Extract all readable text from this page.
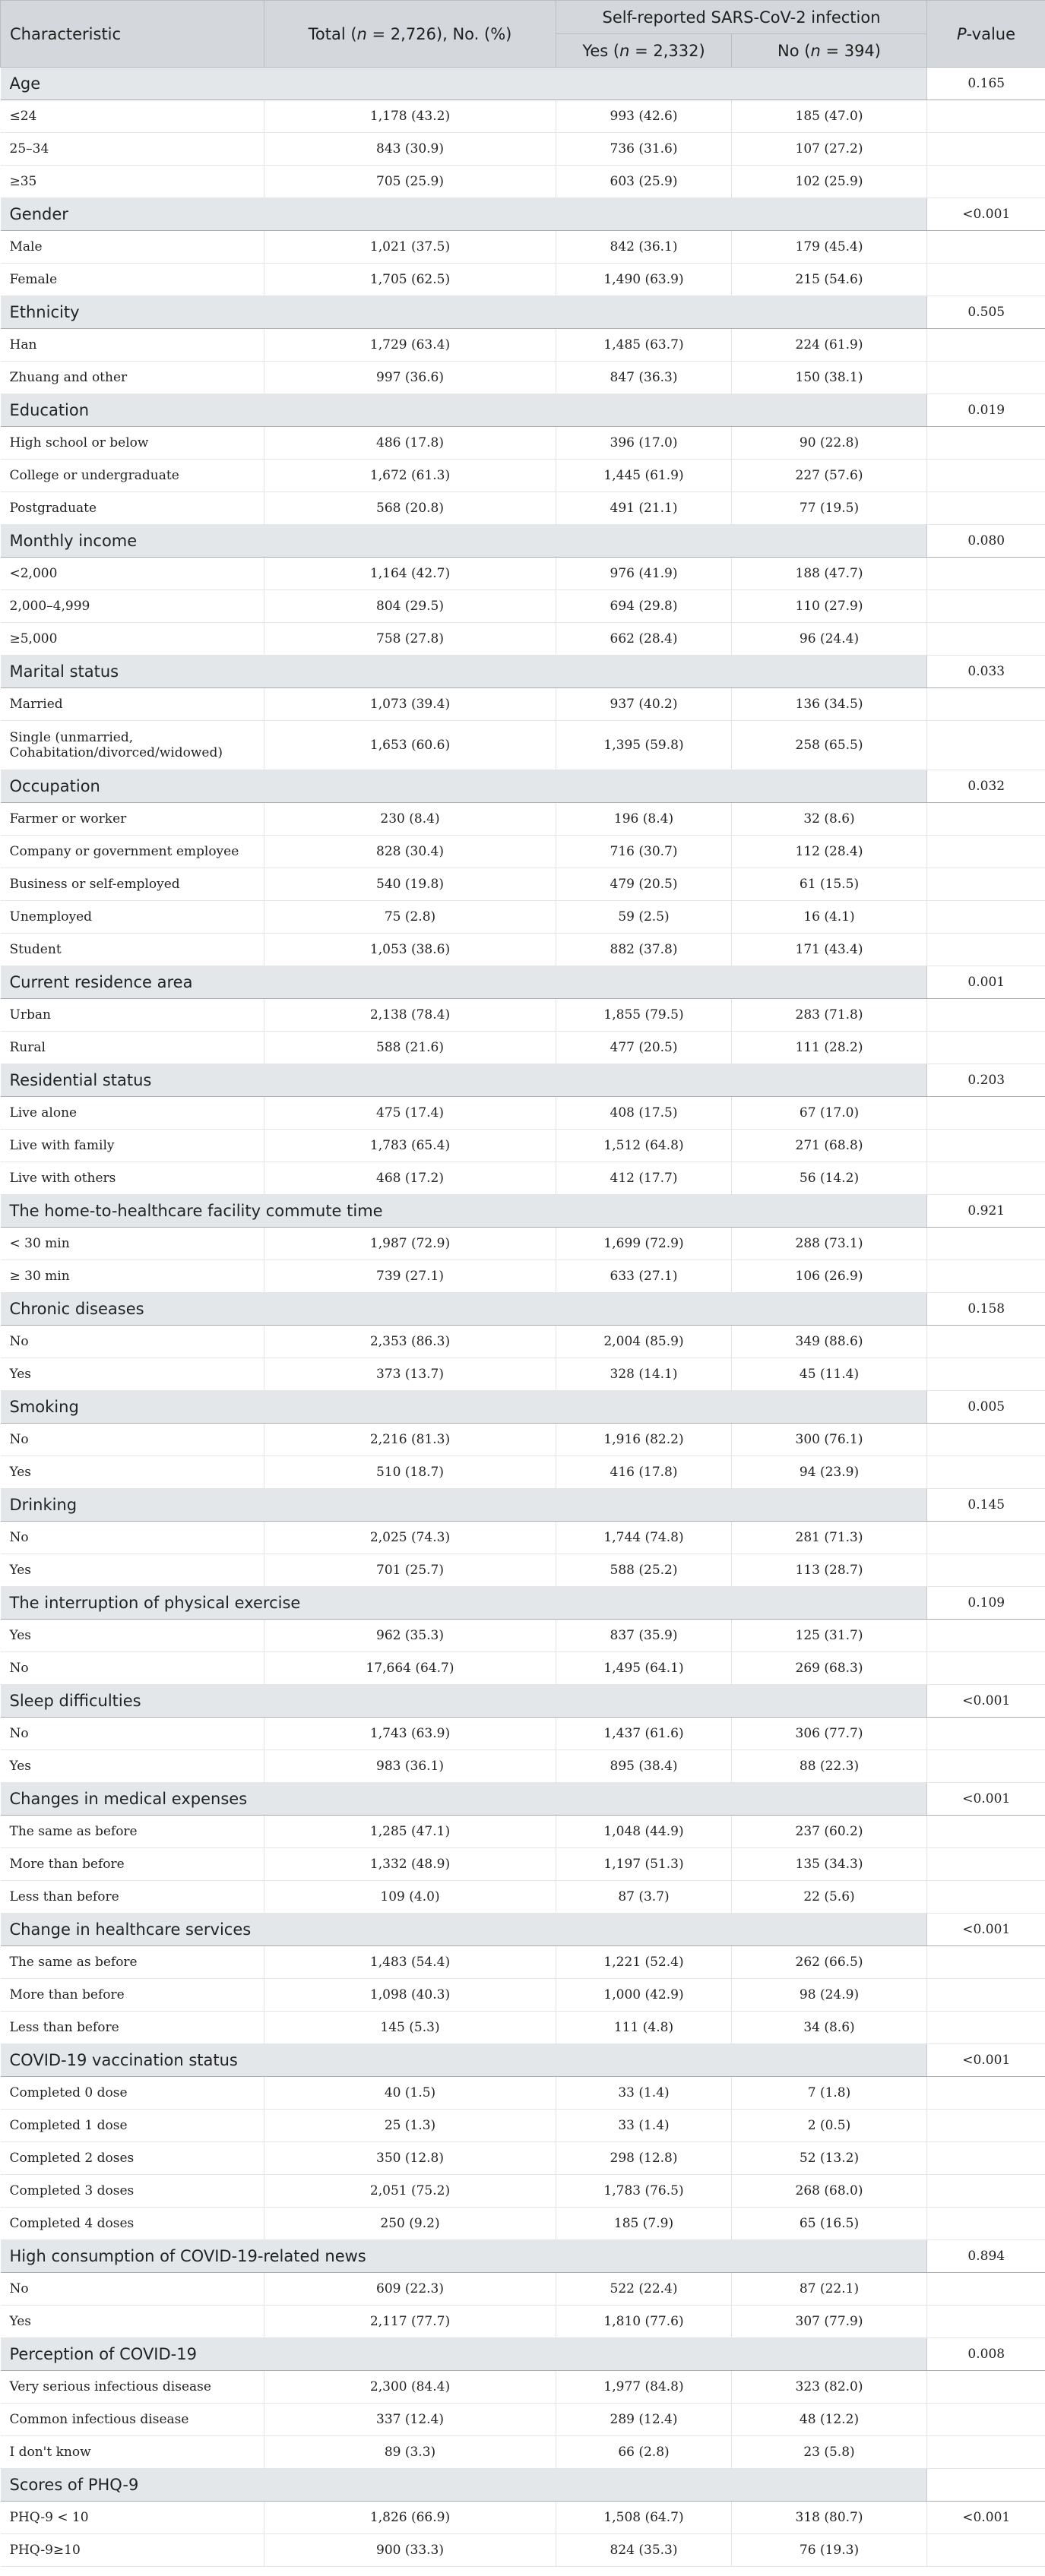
Characteristic	Total (n = 2,726), No. (%)	Self-reported SARS-CoV-2 infection		P-value
		Yes (n = 2,332)	No (n = 394)	
Age				0.165
≤24	1,178 (43.2)	993 (42.6)	185 (47.0)	
25–34	843 (30.9)	736 (31.6)	107 (27.2)	
≥35	705 (25.9)	603 (25.9)	102 (25.9)	
Gender				<0.001
Male	1,021 (37.5)	842 (36.1)	179 (45.4)	
Female	1,705 (62.5)	1,490 (63.9)	215 (54.6)	
Ethnicity				0.505
Han	1,729 (63.4)	1,485 (63.7)	224 (61.9)	
Zhuang and other	997 (36.6)	847 (36.3)	150 (38.1)	
Education				0.019
High school or below	486 (17.8)	396 (17.0)	90 (22.8)	
College or undergraduate	1,672 (61.3)	1,445 (61.9)	227 (57.6)	
Postgraduate	568 (20.8)	491 (21.1)	77 (19.5)	
Monthly income				0.080
<2,000	1,164 (42.7)	976 (41.9)	188 (47.7)	
2,000–4,999	804 (29.5)	694 (29.8)	110 (27.9)	
≥5,000	758 (27.8)	662 (28.4)	96 (24.4)	
Marital status				0.033
Married	1,073 (39.4)	937 (40.2)	136 (34.5)	
Single (unmarried, Cohabitation/divorced/widowed)	1,653 (60.6)	1,395 (59.8)	258 (65.5)	
Occupation				0.032
Farmer or worker	230 (8.4)	196 (8.4)	32 (8.6)	
Company or government employee	828 (30.4)	716 (30.7)	112 (28.4)	
Business or self-employed	540 (19.8)	479 (20.5)	61 (15.5)	
Unemployed	75 (2.8)	59 (2.5)	16 (4.1)	
Student	1,053 (38.6)	882 (37.8)	171 (43.4)	
Current residence area				0.001
Urban	2,138 (78.4)	1,855 (79.5)	283 (71.8)	
Rural	588 (21.6)	477 (20.5)	111 (28.2)	
Residential status				0.203
Live alone	475 (17.4)	408 (17.5)	67 (17.0)	
Live with family	1,783 (65.4)	1,512 (64.8)	271 (68.8)	
Live with others	468 (17.2)	412 (17.7)	56 (14.2)	
The home-to-healthcare facility commute time				0.921
< 30 min	1,987 (72.9)	1,699 (72.9)	288 (73.1)	
≥ 30 min	739 (27.1)	633 (27.1)	106 (26.9)	
Chronic diseases				0.158
No	2,353 (86.3)	2,004 (85.9)	349 (88.6)	
Yes	373 (13.7)	328 (14.1)	45 (11.4)	
Smoking				0.005
No	2,216 (81.3)	1,916 (82.2)	300 (76.1)	
Yes	510 (18.7)	416 (17.8)	94 (23.9)	
Drinking				0.145
No	2,025 (74.3)	1,744 (74.8)	281 (71.3)	
Yes	701 (25.7)	588 (25.2)	113 (28.7)	
The interruption of physical exercise				0.109
Yes	962 (35.3)	837 (35.9)	125 (31.7)	
No	17,664 (64.7)	1,495 (64.1)	269 (68.3)	
Sleep difficulties				<0.001
No	1,743 (63.9)	1,437 (61.6)	306 (77.7)	
Yes	983 (36.1)	895 (38.4)	88 (22.3)	
Changes in medical expenses				<0.001
The same as before	1,285 (47.1)	1,048 (44.9)	237 (60.2)	
More than before	1,332 (48.9)	1,197 (51.3)	135 (34.3)	
Less than before	109 (4.0)	87 (3.7)	22 (5.6)	
Change in healthcare services				<0.001
The same as before	1,483 (54.4)	1,221 (52.4)	262 (66.5)	
More than before	1,098 (40.3)	1,000 (42.9)	98 (24.9)	
Less than before	145 (5.3)	111 (4.8)	34 (8.6)	
COVID-19 vaccination status				<0.001
Completed 0 dose	40 (1.5)	33 (1.4)	7 (1.8)	
Completed 1 dose	25 (1.3)	33 (1.4)	2 (0.5)	
Completed 2 doses	350 (12.8)	298 (12.8)	52 (13.2)	
Completed 3 doses	2,051 (75.2)	1,783 (76.5)	268 (68.0)	
Completed 4 doses	250 (9.2)	185 (7.9)	65 (16.5)	
High consumption of COVID-19-related news				0.894
No	609 (22.3)	522 (22.4)	87 (22.1)	
Yes	2,117 (77.7)	1,810 (77.6)	307 (77.9)	
Perception of COVID-19				0.008
Very serious infectious disease	2,300 (84.4)	1,977 (84.8)	323 (82.0)	
Common infectious disease	337 (12.4)	289 (12.4)	48 (12.2)	
I don't know	89 (3.3)	66 (2.8)	23 (5.8)	
Scores of PHQ-9				
PHQ-9 < 10	1,826 (66.9)	1,508 (64.7)	318 (80.7)	<0.001
PHQ-9≥10	900 (33.3)	824 (35.3)	76 (19.3)	
